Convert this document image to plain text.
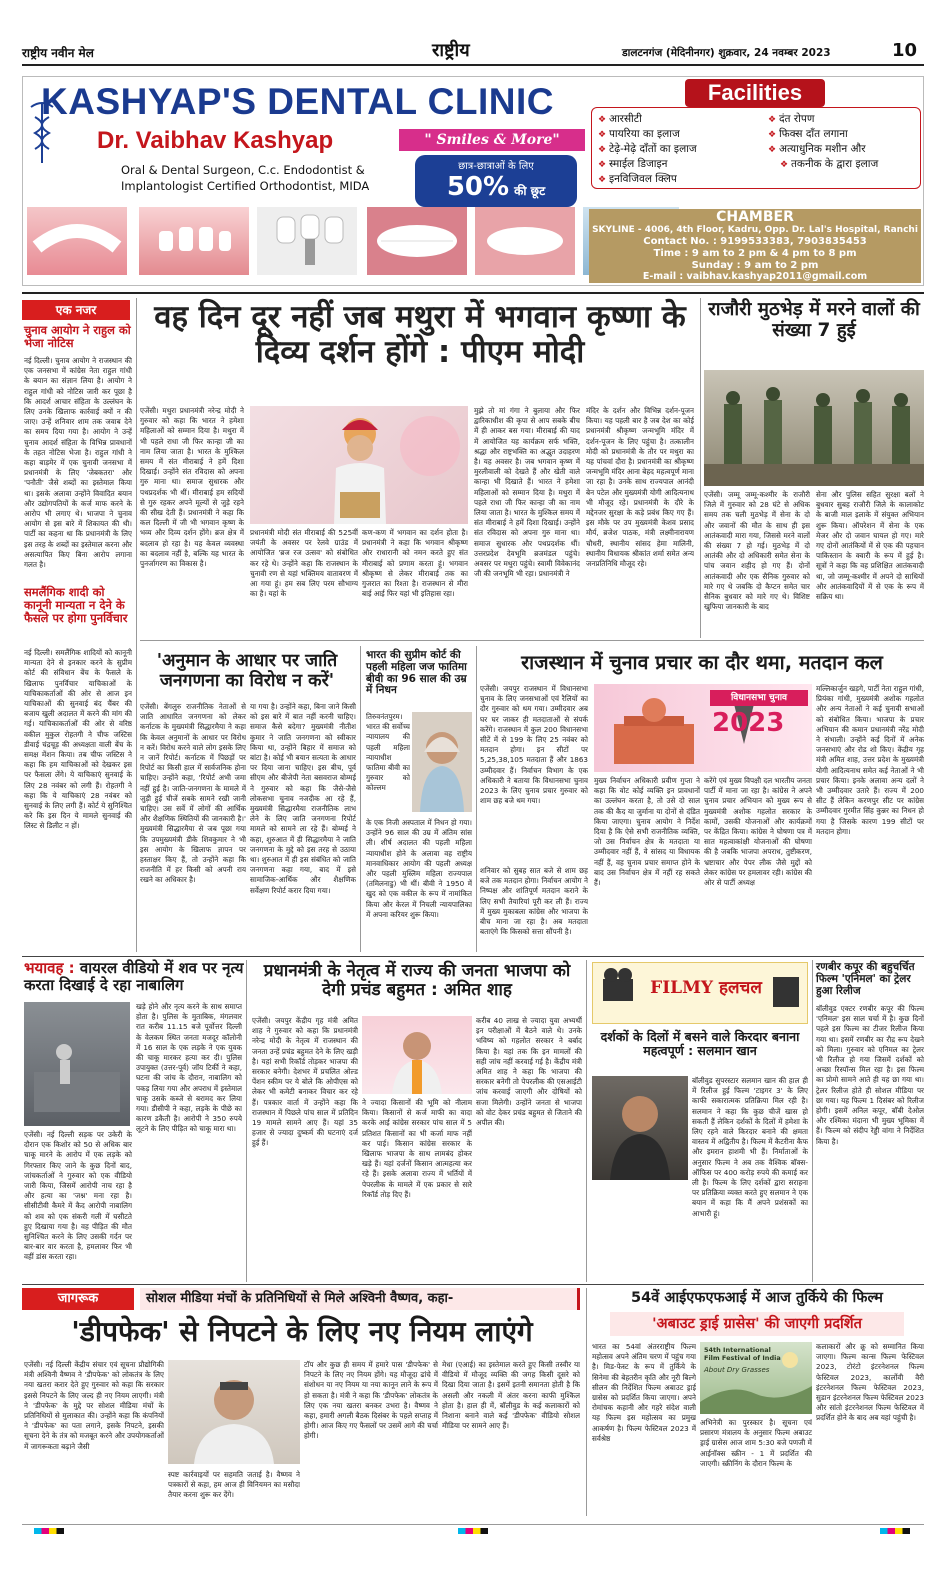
राष्ट्रीय नवीन मेल	राष्ट्रीय	डालटनगंज (मेदिनीनगर) शुक्रवार, 24 नवम्बर 2023	10
KASHYAP'S DENTAL CLINIC
Dr. Vaibhav Kashyap	" Smiles & More"
Oral & Dental Surgeon, C.c. Endodontist &
Implantologist Certified Orthodontist, MIDA
छात्र-छात्राओं के लिए
50% की छूट
Facilities
❖ आरसीटी
❖ पायरिया का इलाज
❖ टेढ़े-मेढ़े दाँतों का इलाज
❖ स्माईल डिजाइन
❖ इनविजिवल क्लिप
❖ दंत रोपण
❖ फिक्स दाँत लगाना
❖ अत्याधुनिक मशीन और
❖ तकनीक के द्वारा इलाज
CHAMBER
SKYLINE - 4006, 4th Floor, Kadru, Opp. Dr. Lal's Hospital, Ranchi
Contact No. : 9199533383, 7903835453
Time : 9 am to 2 pm & 4 pm to 8 pm
Sunday : 9 am to 2 pm
E-mail : vaibhav.kashyap2011@gmail.com
एक नजर
चुनाव आयोग ने राहुल को भेजा नोटिस
नई दिल्ली। चुनाव आयोग ने राजस्थान की एक जनसभा में कांग्रेस नेता राहुल गांधी के बयान का संज्ञान लिया है। आयोग ने राहुल गांधी को नोटिस जारी कर पूछा है कि आदर्श आचार संहिता के उल्लंघन के लिए उनके खिलाफ कार्रवाई क्यों न की जाए। उन्हें शनिवार शाम तक जवाब देने का समय दिया गया है। आयोग ने उन्हें चुनाव आदर्श संहिता के विभिन्न प्रावधानों के तहत नोटिस भेजा है। राहुल गांधी ने कहा बाड़मेर में एक चुनावी जनसभा में प्रधानमंत्री के लिए 'जेबकतरा' और 'पनौती' जैसे शब्दों का इस्तेमाल किया था। इसके अलावा उन्होंने विवादित बयान और उद्योगपतियों के कर्ज माफ करने के आरोप भी लगाए थे। भाजपा ने चुनाव आयोग से इस बारे में शिकायत की थी। पार्टी का कहना था कि प्रधानमंत्री के लिए इस तरह के शब्दों का इस्तेमाल करना और असत्यापित किए बिना आरोप लगाना गलत है।
समलैंगिक शादी को कानूनी मान्यता न देने के फैसले पर होगा पुनर्विचार
नई दिल्ली। समलैंगिक शादियों को कानूनी मान्यता देने से इनकार करने के सुप्रीम कोर्ट की संविधान बेंच के फैसले के खिलाफ पुनर्विचार याचिकाओं के याचिकाकर्ताओं की ओर से आज इन याचिकाओं की सुनवाई बंद चैंबर की बजाय खुली अदालत में करने की मांग की गई। याचिकाकर्ताओं की ओर से वरिष्ठ वकील मुकुल रोहतगी ने चीफ जस्टिस डीवाई चंद्रचूड़ की अध्यक्षता वाली बेंच के समक्ष मेंशन किया। तब चीफ जस्टिस ने कहा कि हम याचिकाओं को देखकर इस पर फैसला लेंगे। ये याचिकाएं सुनवाई के लिए 28 नवंबर को लगी हैं। रोहतगी ने कहा कि ये याचिकाएं 28 नवंबर को सुनवाई के लिए लगी हैं। कोर्ट ये सुनिश्चित करे कि इस दिन ये मामले सुनवाई की लिस्ट से डिलीट न हों।
वह दिन दूर नहीं जब मथुरा में भगवान कृष्णा के दिव्य दर्शन होंगे : पीएम मोदी
एजेंसी। मथुरा प्रधानमंत्री नरेन्द्र मोदी ने गुरुवार को कहा कि भारत ने हमेशा महिलाओं को सम्मान दिया है। मथुरा में भी पहले राधा जी फिर कान्हा जी का नाम लिया जाता है। भारत के मुश्किल समय में संत मीराबाई ने हमें दिशा दिखाई। उन्होंने संत रविदास को अपना गुरु माना था। समाज सुधारक और पथप्रदर्शक भी थीं। मीराबाई हम सदियों से गुरु रहकर अपने मूल्यों से जुड़े रहने की सीख देती हैं। प्रधानमंत्री ने कहा कि कल दिल्ली में जी भी भगवान कृष्ण के भव्य और दिव्य दर्शन होंगे। ब्रज क्षेत्र में बदलाव हो रहा है। यह केवल व्यवस्था का बदलाव नहीं है, बल्कि यह भारत के पुनर्जागरण का विकास है।
प्रधानमंत्री मोदी संत मीराबाई की 525वीं जयंती के अवसर पर रेलवे ग्राउंड में आयोजित 'ब्रज रज उत्सव' को संबोधित कर रहे थे। उन्होंने कहा कि राजस्थान के चुनावी रण से यहां भक्तिमय वातावरण में आ गया हूं। हम सब लिए परम सौभाग्य का है। यहां के
कण-कण में भगवान का दर्शन होता है। प्रधानमंत्री ने कहा कि भगवान श्रीकृष्ण और राधारानी को नमन करते हुए संत मीराबाई को प्रणाम करता हूं। भगवान श्रीकृष्ण से लेकर मीराबाई तक का गुजरात का रिश्ता है। राजस्थान से मीरा बाई आई फिर यहां भी इतिहास रहा।
मुझे तो मां गंगा ने बुलाया और फिर द्वारिकाधीश की कृपा से आप सबके बीच में ही आकर बस गया। मीराबाई की याद में आयोजित यह कार्यक्रम सर्फ भक्ति, श्रद्धा और राष्ट्रभक्ति का अद्भुत उदाहरण है। यह अवसर है। जब भगवान कृष्ण में मुरलीवाली को देखते हैं और खेती वाले कान्हा भी दिखाते हैं। भारत ने हमेशा महिलाओं को सम्मान दिया है। मथुरा में पहले राधा जी फिर कान्हा जी का नाम लिया जाता है। भारत के मुश्किल समय में संत मीराबाई ने हमें दिशा दिखाई। उन्होंने संत रविदास को अपना गुरु माना था। समाज सुधारक और पथप्रदर्शक थीं। उत्तरप्रदेश देवभूमि ब्रजमंडल पहुंचे। अवसर पर मथुरा पहुंचे। स्वामी विवेकानंद जी की जनभूमि भी रहा। प्रधानमंत्री ने
मंदिर के दर्शन और विभिन्न दर्शन-पूजन किया। यह पहली बार है जब देश का कोई प्रधानमंत्री श्रीकृष्ण जन्मभूमि मंदिर में दर्शन-पूजन के लिए पहुंचा है। तत्कालीन मोदी को प्रधानमंत्री के तौर पर मथुरा का यह पांचवां दौरा है। प्रधानमंत्री का श्रीकृष्ण जन्मभूमि मंदिर आना बेहद महत्वपूर्ण माना जा रहा है। उनके साथ राज्यपाल आनंदी बेन पटेल और मुख्यमंत्री योगी आदित्यनाथ भी मौजूद रहे। प्रधानमंत्री के दौरे के मद्देनजर सुरक्षा के कड़े प्रबंध किए गए हैं। इस मौके पर उप मुख्यमंत्री केशव प्रसाद मौर्य, ब्रजेश पाठक, मंत्री लक्ष्मीनारायण चौधरी, स्थानीय सांसद हेमा मालिनी, स्थानीय विधायक श्रीकांत शर्मा समेत अन्य जनप्रतिनिधि मौजूद रहे।
राजौरी मुठभेड़ में मरने वालों की संख्या 7 हुई
एजेंसी। जम्मू जम्मू-कश्मीर के राजौरी जिले में गुरुवार को 28 घंटे से अधिक समय तक चली मुठभेड़ में सेना के दो और जवानों की मौत के साथ ही इस आतंकवादी मारा गया, जिससे मरने वालों की संख्या 7 हो गई। मुठभेड़ में दो आतंकी और दो अधिकारी समेत सेना के पांच जवान शहीद हो गए हैं। दोनों आतंकवादी और एक सैनिक गुरुवार को मारे गए थे जबकि दो कैप्टन समेत चार सैनिक बुधवार को मारे गए थे। विशिष्ट खुफिया जानकारी के बाद
सेना और पुलिस सहित सुरक्षा बलों ने बुधवार सुबह राजौरी जिले के कालाकोट के बाजी माल इलाके में संयुक्त अभियान शुरू किया। ऑपरेशन में सेना के एक मेजर और दो जवान घायल हो गए। मारे गए दोनों आतंकियों में से एक की पहचान पाकिस्तान के क्वारी के रूप में हुई है। सूत्रों ने कहा कि वह प्रशिक्षित आतंकवादी था, जो जम्मू-कश्मीर में अपने दो साथियों और आतंकवादियों में से एक के रूप में सक्रिय था।
'अनुमान के आधार पर जाति जनगणना का विरोध न करें'
एजेंसी। बेंगलुरु राजनीतिक नेताओं से जाति आधारित जनगणना को लेकर कर्नाटक के मुख्यमंत्री सिद्धारमैया ने कहा कि केवल अनुमानों के आधार पर विरोध न करें। विरोध करने वाले लोग इसके लिए न जानें रिपोर्ट। कर्नाटक में पिछड़ों पर रिपोर्ट का किसी हाल में सार्वजनिक होना चाहिए। उन्होंने कहा, 'रिपोर्ट अभी जमा नहीं हुई है। जाति-जनगणना के मामले में जुड़ी हुई चीजें सबके सामने रखी जानी चाहिए। उस सर्वे में लोगों की आर्थिक और शैक्षणिक स्थितियों की जानकारी है।' मुख्यमंत्री सिद्धारमैया से जब पूछा गया कि उपमुख्यमंत्री डीके शिवकुमार ने भी इस आयोग के खिलाफ ज्ञापन पर हस्ताक्षर किए हैं, तो उन्होंने कहा कि राजनीति में हर किसी को अपनी राय रखने का अधिकार है।
या गया है। उन्होंने कहा, बिना जाने किसी को इस बारे में बात नहीं करनी चाहिए। समाज कैसे बदेगा? मुख्यमंत्री नीतीश कुमार ने जाति जनगणना को स्वीकार किया था, उन्होंने बिहार में समाज को बांटा है। कोई भी बयान सत्यता के आधार पर दिया जाना चाहिए। इस बीच, पूर्व सीएम और बीजेपी नेता बसवराज बोम्मई ने गुरुवार को कहा कि जैसे-जैसे लोकसभा चुनाव नजदीक आ रहे हैं, मुख्यमंत्री सिद्धारमैया राजनीतिक लाभ लेने के लिए जाति जनगणना रिपोर्ट मामले को सामने ला रहे हैं। बोम्मई ने कहा, शुरुआत में ही सिद्धारमैया ने जाति जनगणना के मुद्दे को इस तरह से उठाया था। शुरुआत में ही इस संबंधित को जाति जनगणना कहा गया, बाद में इसे सामाजिक-आर्थिक और शैक्षणिक सर्वेक्षण रिपोर्ट करार दिया गया।
भारत की सुप्रीम कोर्ट की पहली महिला जज फातिमा बीवी का 96 साल की उम्र में निधन
तिरुवनंतपुरम। भारत की सर्वोच्च न्यायालय की पहली महिला न्यायाधीश फातिमा बीवी का गुरुवार को कोल्लम
के एक निजी अस्पताल में निधन हो गया। उन्होंने 96 साल की उम्र में अंतिम सांस ली। शीर्ष अदालत की पहली महिला न्यायाधीश होने के अलावा वह राष्ट्रीय मानवाधिकार आयोग की पहली अध्यक्ष और पहली मुस्लिम महिला राज्यपाल (तमिलनाडु) भी थीं। बीवी ने 1950 में खुद को एक वकील के रूप में नामांकित किया और केरल में निचली न्यायपालिका में अपना करियर शुरू किया।
राजस्थान में चुनाव प्रचार का दौर थमा, मतदान कल
एजेंसी। जयपुर राजस्थान में विधानसभा चुनाव के लिए जनसभाओं एवं रैलियों का दौर गुरुवार को थम गया। उम्मीदवार अब घर घर जाकर ही मतदाताओं से संपर्क करेंगे। राजस्थान में कुल 200 विधानसभा सीटें में से 199 के लिए 25 नवंबर को मतदान होगा। इन सीटों पर 5,25,38,105 मतदाता हैं और 1863 उम्मीदवार हैं। निर्वाचन विभाग के एक अधिकारी ने बताया कि विधानसभा चुनाव 2023 के लिए चुनाव प्रचार गुरुवार को शाम छह बजे थम गया।
शनिवार को सुबह सात बजे से शाम छह बजे तक मतदान होगा। निर्वाचन आयोग ने निष्पक्ष और शांतिपूर्ण मतदान कराने के लिए सभी तैयारियां पूरी कर ली हैं। राज्य में मुख्य मुकाबला कांग्रेस और भाजपा के बीच माना जा रहा है। अब मतदाता बताएंगे कि किसको सत्ता सौंपनी है।
विधानसभा चुनाव
2023
मुख्य निर्वाचन अधिकारी प्रवीण गुप्ता ने कहा कि वोट कोई व्यक्ति इन प्रावधानों का उल्लंघन करता है, तो उसे दो साल तक की कैद या जुर्माना या दोनों से दंडित किया जाएगा। चुनाव आयोग ने निर्देश दिया है कि ऐसे सभी राजनीतिक व्यक्ति, जो उस निर्वाचन क्षेत्र के मतदाता या उम्मीदवार नहीं हैं, वे सांसद या विधायक नहीं हैं, वह चुनाव प्रचार समाप्त होने के बाद उस निर्वाचन क्षेत्र में नहीं रह सकते हैं।
करेंगे एवं मुख्य विपक्षी दल भारतीय जनता पार्टी में माना जा रहा है। कांग्रेस ने अपने चुनाव प्रचार अभियान को मुख्य रूप से मुख्यमंत्री अशोक गहलोत सरकार के कामों, उसकी योजनाओं और कार्यक्रमों पर केंद्रित किया। कांग्रेस ने घोषणा पत्र में सात महत्वाकांक्षी योजनाओं की घोषणा की है जबकि भाजपा अपराध, तुष्टीकरण, भ्रष्टाचार और पेपर लीक जैसे मुद्दों को लेकर कांग्रेस पर हमलावर रही। कांग्रेस की ओर से पार्टी अध्यक्ष
मल्लिकार्जुन खड़गे, पार्टी नेता राहुल गांधी, प्रियंका गांधी, मुख्यमंत्री अशोक गहलोत और अन्य नेताओं ने कई चुनावी सभाओं को संबोधित किया। भाजपा के प्रचार अभियान की कमान प्रधानमंत्री नरेंद्र मोदी ने संभाली। उन्होंने कई दिनों में अनेक जनसभाएं और रोड शो किए। केंद्रीय गृह मंत्री अमित शाह, उत्तर प्रदेश के मुख्यमंत्री योगी आदित्यनाथ समेत कई नेताओं ने भी प्रचार किया। इनके अलावा अन्य दलों ने भी उम्मीदवार उतारे हैं। राज्य में 200 सीट हैं लेकिन करणपुर सीट पर कांग्रेस उम्मीदवार गुरमीत सिंह कुन्नर का निधन हो गया है जिसके कारण 199 सीटों पर मतदान होगा।
भयावह : वायरल वीडियो में शव पर नृत्य करता दिखाई दे रहा नाबालिग
एजेंसी। नई दिल्ली सड़क पर उकेरी के दौरान एक किशोर को 50 से अधिक बार चाकू मारने के आरोप में एक लड़के को गिरफ्तार किए जाने के कुछ दिनों बाद, जांचकर्ताओं ने गुरुवार को एक वीडियो जारी किया, जिसमें आरोपी नाच रहा है और हत्या का 'जश्न' मना रहा है। सीसीटीवी कैमरे में कैद आरोपी नाबालिग को शव को एक संकरी गली में घसीटते हुए दिखाया गया है। वह पीड़ित की मौत सुनिश्चित करने के लिए उसकी गर्दन पर बार-बार वार करता है, हमलावर फिर भी वहीं डांस करता रहा।
खड़े होने और नृत्य करने के साथ समाप्त होता है। पुलिस के मुताबिक, मंगलवार रात करीब 11.15 बजे पूर्वोत्तर दिल्ली के वेलकम स्थित जनता मजदूर कॉलोनी में 16 साल के एक लड़के ने एक युवक की चाकू मारकर हत्या कर दी। पुलिस उपायुक्त (उत्तर-पूर्व) जॉय टिर्की ने कहा, घटना की जांच के दौरान, नाबालिग को पकड़ लिया गया और अपराध में इस्तेमाल चाकू उसके कब्जे से बरामद कर लिया गया। डीसीपी ने कहा, लड़के के पीछे का कारण डकैती है। आरोपी ने 350 रुपये लूटने के लिए पीड़ित को चाकू मारा था।
प्रधानमंत्री के नेतृत्व में राज्य की जनता भाजपा को देगी प्रचंड बहुमत : अमित शाह
एजेंसी। जयपुर केंद्रीय गृह मंत्री अमित शाह ने गुरुवार को कहा कि प्रधानमंत्री नरेन्द्र मोदी के नेतृत्व में राजस्थान की जनता उन्हें प्रचंड बहुमत देने के लिए खड़ी है। यहां सभी रिकॉर्ड तोड़कर भाजपा की सरकार बनेगी। देशभर में प्रचलित ओल्ड पेंशन स्कीम पर ये बोले कि ओपीएस को लेकर भी कमेटी बनाकर विचार कर रहे हैं। पत्रकार वार्ता में उन्होंने कहा कि राजस्थान में पिछले पांच साल में प्रतिदिन 19 मामले सामने आए हैं। यहां 35 हजार से ज्यादा दुष्कर्म की घटनाएं दर्ज हुई हैं।
ने ज्यादा किसानों की भूमि को नीलाम किया। किसानों से कर्ज माफी का वादा करके आई कांग्रेस सरकार पांच साल में 5 प्रतिशत किसानों का भी कर्जा माफ नहीं कर पाई। किसान कांग्रेस सरकार के खिलाफ भाजपा के साथ लामबंद होकर खड़े हैं। यहां दर्जनों किसान आत्महत्या कर रहे हैं। इसके अलावा राज्य में भर्तियों में पेपरलीक के मामले में एक प्रकार से सारे रिकॉर्ड तोड़ दिए हैं।
करीब 40 लाख से ज्यादा युवा अभ्यर्थी इन परीक्षाओं में बैठने वाले थे। उनके भविष्य को गहलोत सरकार ने बर्बाद किया है। यहां तक कि इन मामलों की सही जांच नहीं करवाई गई है। केंद्रीय मंत्री अमित शाह ने कहा कि भाजपा की सरकार बनेगी तो पेपरलीक की एसआईटी जांच करवाई जाएगी और दोषियों को सजा मिलेगी। उन्होंने जनता से भाजपा को वोट देकर प्रचंड बहुमत से जिताने की अपील की।
FILMY हलचल
दर्शकों के दिलों में बसने वाले किरदार बनाना महत्वपूर्ण : सलमान खान
बॉलीवुड सुपरस्टार सलमान खान की हाल ही में रिलीज हुई फिल्म 'टाइगर 3' के लिए काफी सकारात्मक प्रतिक्रिया मिल रही है। सलमान ने कहा कि कुछ चीजें खास हो सकती हैं लेकिन दर्शकों के दिलों में हमेशा के लिए रहने वाले किरदार बनाने की क्षमता वास्तव में अद्वितीय है। फिल्म में कैटरीना कैफ और इमरान हाशमी भी हैं। निर्माताओं के अनुसार फिल्म ने अब तक वैश्विक बॉक्स-ऑफिस पर 400 करोड़ रुपये की कमाई कर ली है। फिल्म के लिए दर्शकों द्वारा सराहना पर प्रतिक्रिया व्यक्त करते हुए सलमान ने एक बयान में कहा कि मैं अपने प्रशंसकों का आभारी हूं।
रणबीर कपूर की बहुचर्चित फिल्म 'एनिमल' का ट्रेलर हुआ रिलीज
बॉलीवुड एक्टर रणबीर कपूर की फिल्म 'एनिमल' इस साल चर्चा में है। कुछ दिनों पहले इस फिल्म का टीजर रिलीज किया गया था। इसमें रणबीर का रौद्र रूप देखने को मिला। गुरुवार को एनिमल का ट्रेलर भी रिलीज हो गया जिसमें दर्शकों को अच्छा रिस्पॉन्स मिल रहा है। इस फिल्म का प्रोमो सामने आते ही यह छा गया था। ट्रेलर रिलीज होते ही सोशल मीडिया पर छा गया। यह फिल्म 1 दिसंबर को रिलीज होगी। इसमें अनिल कपूर, बॉबी देओल और रश्मिका मंदाना भी मुख्य भूमिका में हैं। फिल्म को संदीप रेड्डी वांगा ने निर्देशित किया है।
जागरूक	सोशल मीडिया मंचों के प्रतिनिधियों से मिले अश्विनी वैष्णव, कहा-
'डीपफेक' से निपटने के लिए नए नियम लाएंगे
एजेंसी। नई दिल्ली केंद्रीय संचार एवं सूचना प्रौद्योगिकी मंत्री अश्विनी वैष्णव ने 'डीपफेक' को लोकतंत्र के लिए नया खतरा करार देते हुए गुरुवार को कहा कि सरकार इससे निपटने के लिए जल्द ही नए नियम लाएगी। मंत्री ने 'डीपफेक' के मुद्दे पर सोशल मीडिया मंचों के प्रतिनिधियों से मुलाकात की। उन्होंने कहा कि कंपनियों ने 'डीपफेक' का पता लगाने, इसके निपटने, इसकी सूचना देने के तंत्र को मजबूत करने और उपयोगकर्ताओं में जागरूकता बढ़ाने जैसी
स्पष्ट कार्रवाइयों पर सहमति जताई है। वैष्णव ने पत्रकारों से कहा, हम आज ही विनियमन का मसौदा तैयार करना शुरू कर देंगे।
टॉप और कुछ ही समय में हमारे पास 'डीपफेक' से निपटने के लिए नए नियम होंगे। यह मौजूदा ढांचे में संशोधन या नए नियम या नया कानून लाने के रूप में हो सकता है। मंत्री ने कहा कि 'डीपफेक' लोकतंत्र के लिए एक नया खतरा बनकर उभरा है। वैष्णव ने कहा, हमारी अगली बैठक दिसंबर के पहले सप्ताह में होगी। आज किए गए फैसलों पर उसमें आगे की चर्चा होगी।
मेधा (एआई) का इस्तेमाल करते हुए किसी तस्वीर या वीडियो में मौजूद व्यक्ति की जगह किसी दूसरे को दिखा दिया जाता है। इसमें इतनी समानता होती है कि असली और नकली में अंतर करना काफी मुश्किल होता है। हाल ही में, बॉलीवुड के कई कलाकारों को निशाना बनाने वाले कई 'डीपफेक' वीडियो सोशल मीडिया पर सामने आए हैं।
54वें आईएफएफआई में आज तुर्किये की फिल्म
'अबाउट ड्राई ग्रासेस' की जाएगी प्रदर्शित
भारत का 54वां अंतरराष्ट्रीय फिल्म महोत्सव अपने अंतिम चरण में पहुंच गया है। मिड-फेस्ट के रूप में तुर्किये के सिनेमा की बेहतरीन कृति और नूरी बिल्गे सीलन की निर्देशित फिल्म अबाउट ड्राई ग्रासेस को प्रदर्शित किया जाएगा। अपने रोमांचक कहानी और गहरे संदेश वाली यह फिल्म इस महोत्सव का प्रमुख आकर्षण है। फिल्म फेस्टिवल 2023 में सर्वश्रेष्ठ
54th International Film Festival of India
About Dry Grasses
अभिनेत्री का पुरस्कार है। सूचना एवं प्रसारण मंत्रालय के अनुसार फिल्म अबाउट ड्राई ग्रासेस आज शाम 5:30 बजे पणजी में आईनॉक्स स्क्रीन - 1 में प्रदर्शित की जाएगी। स्क्रीनिंग के दौरान फिल्म के
कलाकारों और क्रू को सम्मानित किया जाएगा। फिल्म कान्स फिल्म फेस्टिवल 2023, टोरंटो इंटरनेशनल फिल्म फेस्टिवल 2023, कार्लोवी वैरी इंटरनेशनल फिल्म फेस्टिवल 2023, सुडान इंटरनेशनल फिल्म फेस्टिवल 2023 और सांतो इंटरनेशनल फिल्म फेस्टिवल में प्रदर्शित होने के बाद अब यहां पहुंची है।
